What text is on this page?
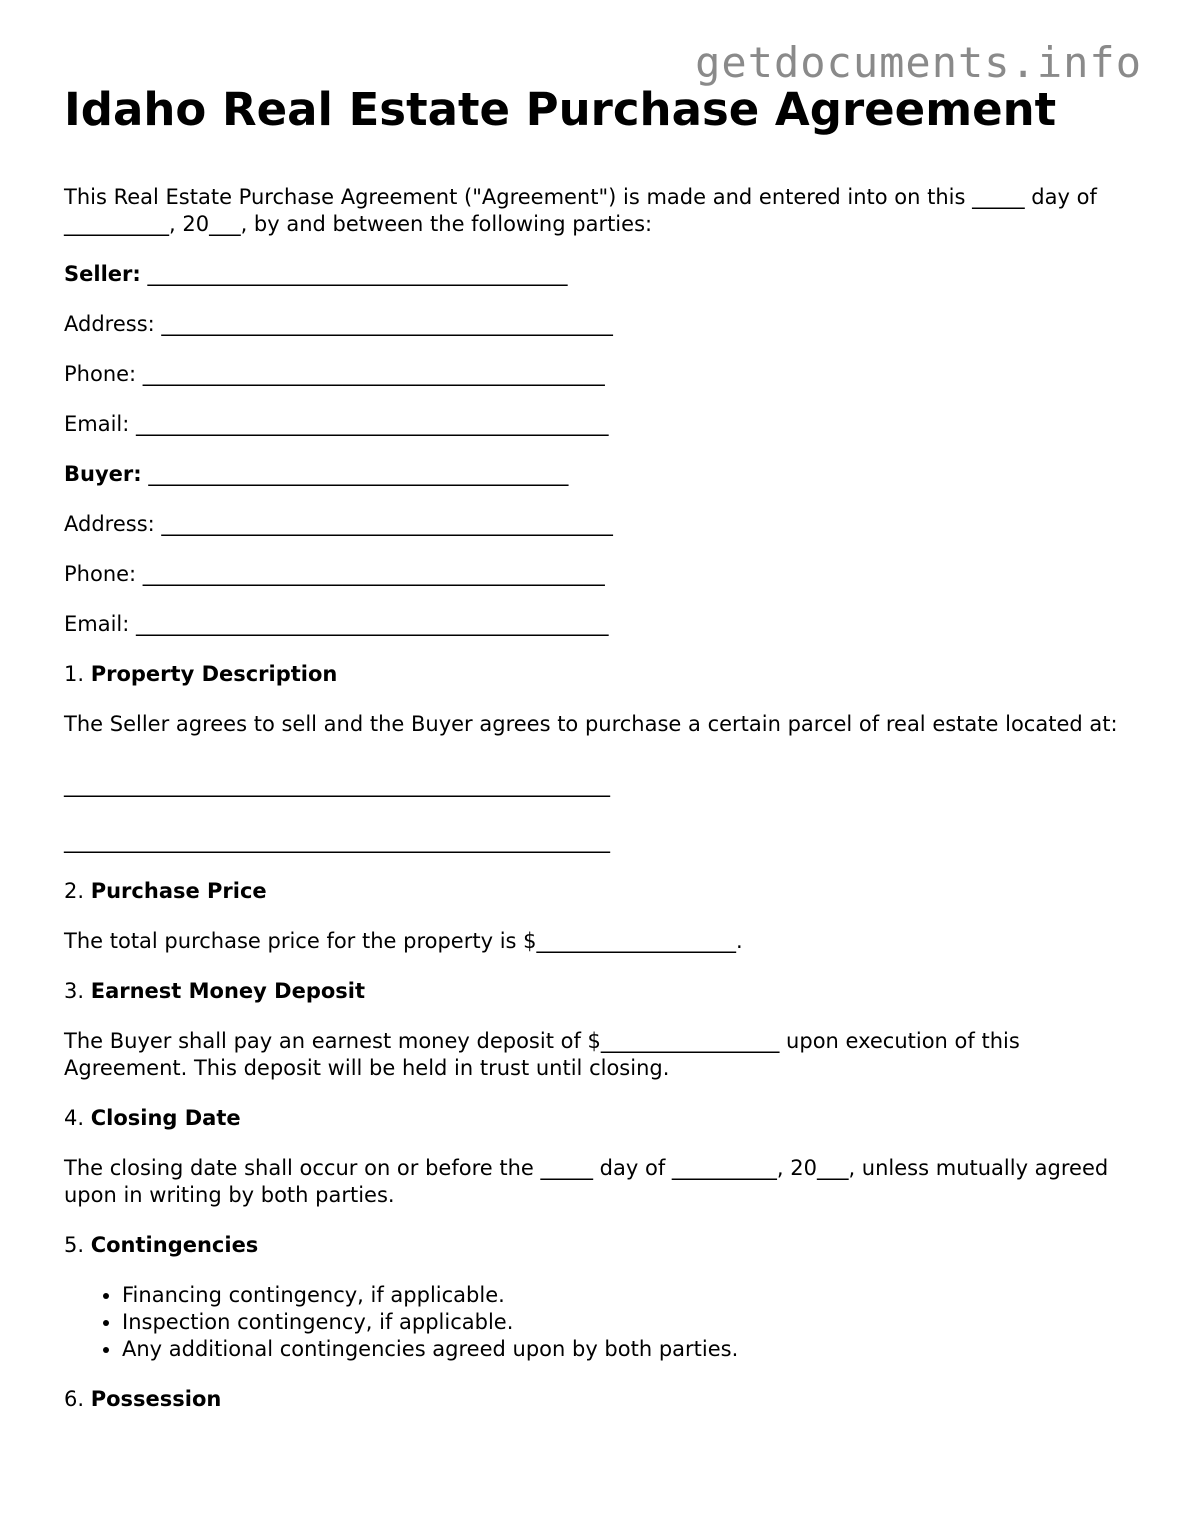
getdocuments.info
Idaho Real Estate Purchase Agreement

This Real Estate Purchase Agreement ("Agreement") is made and entered into on this _____ day of __________, 20___, by and between the following parties:

Seller: ________________________________________

Address: ___________________________________________

Phone: ____________________________________________

Email: _____________________________________________

Buyer: ________________________________________

Address: ___________________________________________

Phone: ____________________________________________

Email: _____________________________________________

1. Property Description

The Seller agrees to sell and the Buyer agrees to purchase a certain parcel of real estate located at:

____________________________________________________

____________________________________________________

2. Purchase Price

The total purchase price for the property is $___________________.

3. Earnest Money Deposit

The Buyer shall pay an earnest money deposit of $_________________ upon execution of this Agreement. This deposit will be held in trust until closing.

4. Closing Date

The closing date shall occur on or before the _____ day of __________, 20___, unless mutually agreed upon in writing by both parties.

5. Contingencies

• Financing contingency, if applicable.
• Inspection contingency, if applicable.
• Any additional contingencies agreed upon by both parties.

6. Possession
